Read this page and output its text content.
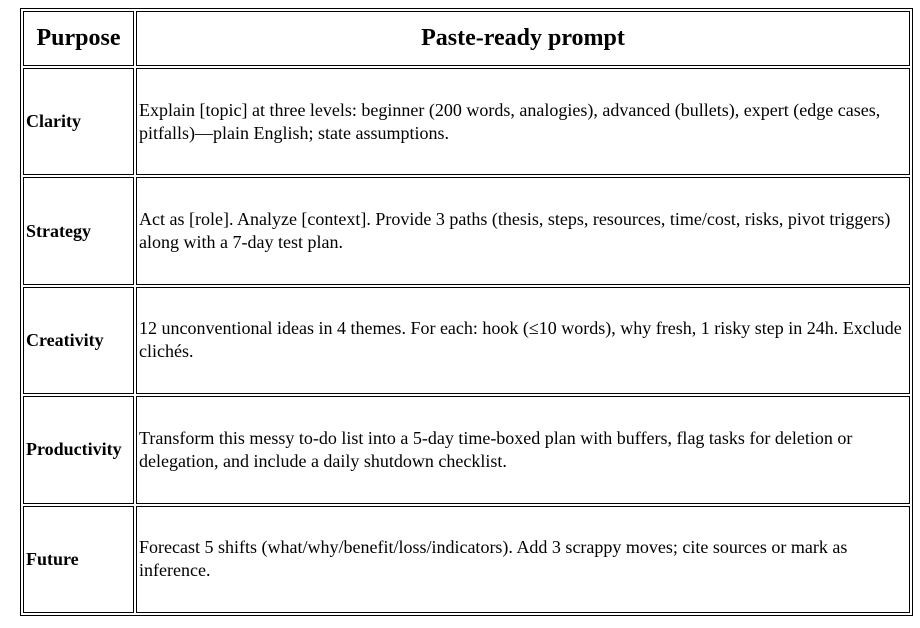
Purpose	Paste-ready prompt
Clarity	Explain [topic] at three levels: beginner (200 words, analogies), advanced (bullets), expert (edge cases, pitfalls)—plain English; state assumptions.
Strategy	Act as [role]. Analyze [context]. Provide 3 paths (thesis, steps, resources, time/cost, risks, pivot triggers) along with a 7-day test plan.
Creativity	12 unconventional ideas in 4 themes. For each: hook (≤10 words), why fresh, 1 risky step in 24h. Exclude clichés.
Productivity	Transform this messy to-do list into a 5-day time-boxed plan with buffers, flag tasks for deletion or delegation, and include a daily shutdown checklist.
Future	Forecast 5 shifts (what/why/benefit/loss/indicators). Add 3 scrappy moves; cite sources or mark as inference.
